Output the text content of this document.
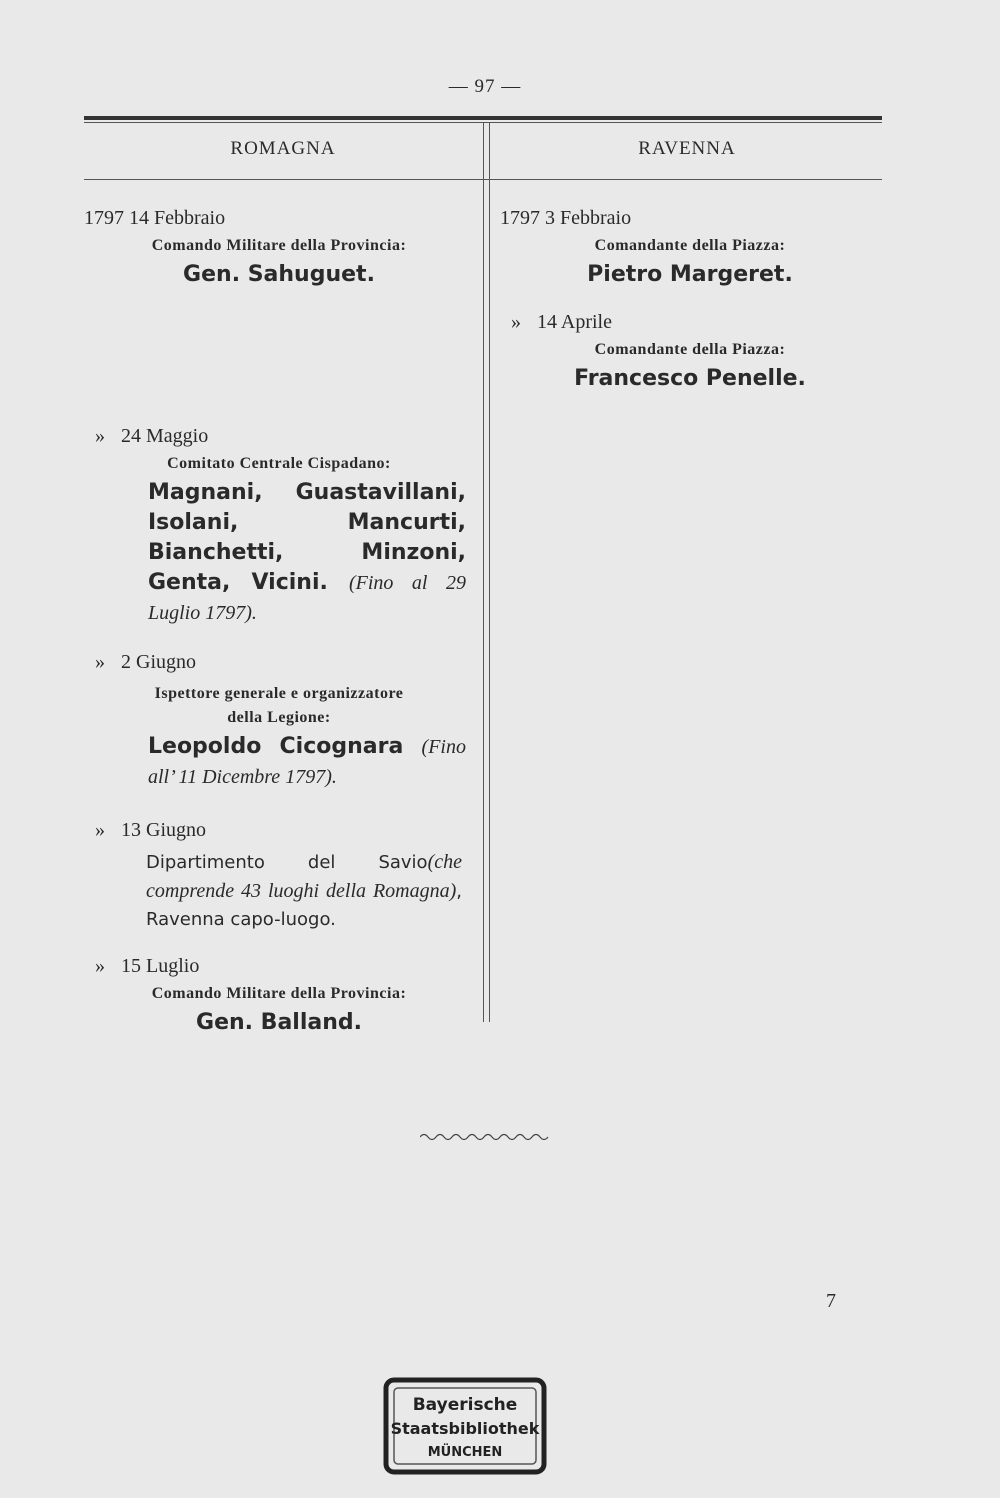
— 97 —
ROMAGNA	RAVENNA

1797 14 Febbraio

Comando Militare della Provincia:

Gen. Sahuguet.

» 24 Maggio

Comitato Centrale Cispadano:

Magnani, Guastavillani, Isolani, Mancurti, Bianchetti, Minzoni, Genta, Vicini. (Fino al 29 Luglio 1797).

» 2 Giugno

Ispettore generale e organizzatore

della Legione:

Leopoldo Cicognara (Fino all’ 11 Dicembre 1797).

» 13 Giugno

Dipartimento del Savio(che comprende 43 luoghi della Romagna), Ravenna capo-luogo.

» 15 Luglio

Comando Militare della Provincia:

Gen. Balland.

1797 3 Febbraio

Comandante della Piazza:

Pietro Margeret.

» 14 Aprile

Comandante della Piazza:

Francesco Penelle.

7
Bayerische
Staatsbibliothek
MÜNCHEN
